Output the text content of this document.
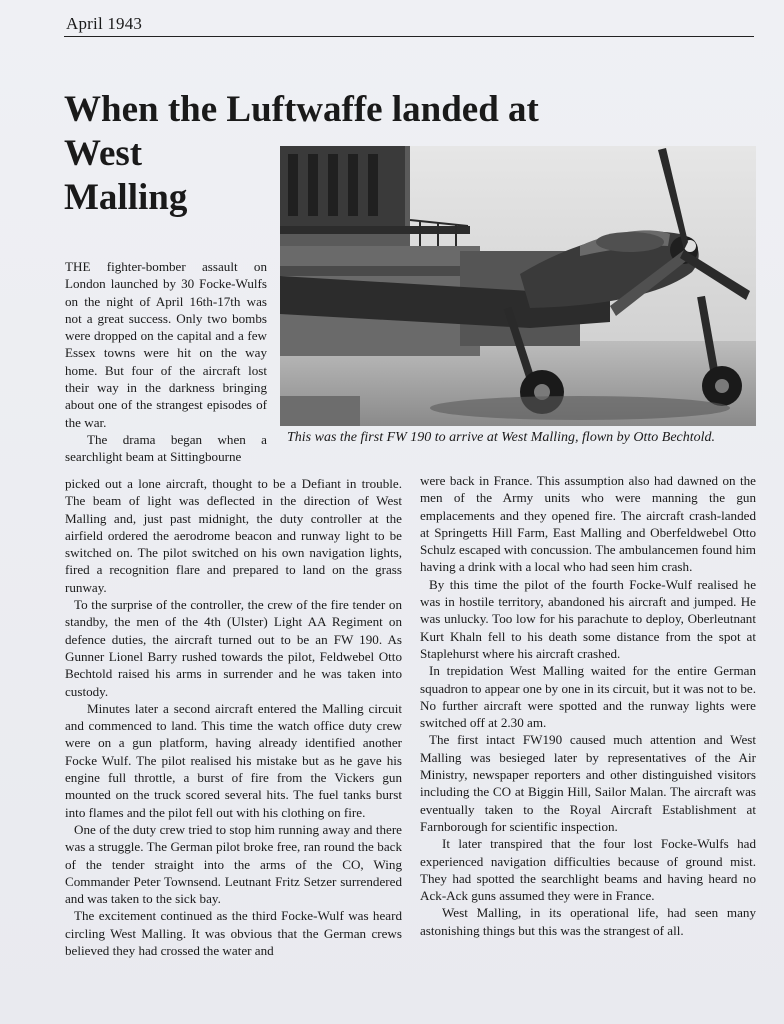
April 1943
When the Luftwaffe landed at
West
Malling
This was the first FW 190 to arrive at West Malling, flown by Otto Bechtold.

THE fighter-bomber assault on London launched by 30 Focke-Wulfs on the night of April 16th-17th was not a great success. Only two bombs were dropped on the capital and a few Essex towns were hit on the way home. But four of the aircraft lost their way in the darkness bringing about one of the strangest episodes of the war.

The drama began when a searchlight beam at Sittingbourne

picked out a lone aircraft, thought to be a Defiant in trouble. The beam of light was deflected in the direction of West Malling and, just past midnight, the duty controller at the airfield ordered the aerodrome beacon and runway light to be switched on. The pilot switched on his own navigation lights, fired a recognition flare and prepared to land on the grass runway.

To the surprise of the controller, the crew of the fire tender on standby, the men of the 4th (Ulster) Light AA Regiment on defence duties, the aircraft turned out to be an FW 190. As Gunner Lionel Barry rushed towards the pilot, Feldwebel Otto Bechtold raised his arms in surrender and he was taken into custody.

Minutes later a second aircraft entered the Malling circuit and commenced to land. This time the watch office duty crew were on a gun platform, having already identified another Focke Wulf. The pilot realised his mistake but as he gave his engine full throttle, a burst of fire from the Vickers gun mounted on the truck scored several hits. The fuel tanks burst into flames and the pilot fell out with his clothing on fire.

One of the duty crew tried to stop him running away and there was a struggle. The German pilot broke free, ran round the back of the tender straight into the arms of the CO, Wing Commander Peter Townsend. Leutnant Fritz Setzer surrendered and was taken to the sick bay.

The excitement continued as the third Focke-Wulf was heard circling West Malling. It was obvious that the German crews believed they had crossed the water and

were back in France. This assumption also had dawned on the men of the Army units who were manning the gun emplacements and they opened fire. The aircraft crash-landed at Springetts Hill Farm, East Malling and Oberfeldwebel Otto Schulz escaped with concussion. The ambulancemen found him having a drink with a local who had seen him crash.

By this time the pilot of the fourth Focke-Wulf realised he was in hostile territory, abandoned his aircraft and jumped. He was unlucky. Too low for his parachute to deploy, Oberleutnant Kurt Khaln fell to his death some distance from the spot at Staplehurst where his aircraft crashed.

In trepidation West Malling waited for the entire German squadron to appear one by one in its circuit, but it was not to be. No further aircraft were spotted and the runway lights were switched off at 2.30 am.

The first intact FW190 caused much attention and West Malling was besieged later by representatives of the Air Ministry, newspaper reporters and other distinguished visitors including the CO at Biggin Hill, Sailor Malan. The aircraft was eventually taken to the Royal Aircraft Establishment at Farnborough for scientific inspection.

It later transpired that the four lost Focke-Wulfs had experienced navigation difficulties because of ground mist. They had spotted the searchlight beams and having heard no Ack-Ack guns assumed they were in France.

West Malling, in its operational life, had seen many astonishing things but this was the strangest of all.
